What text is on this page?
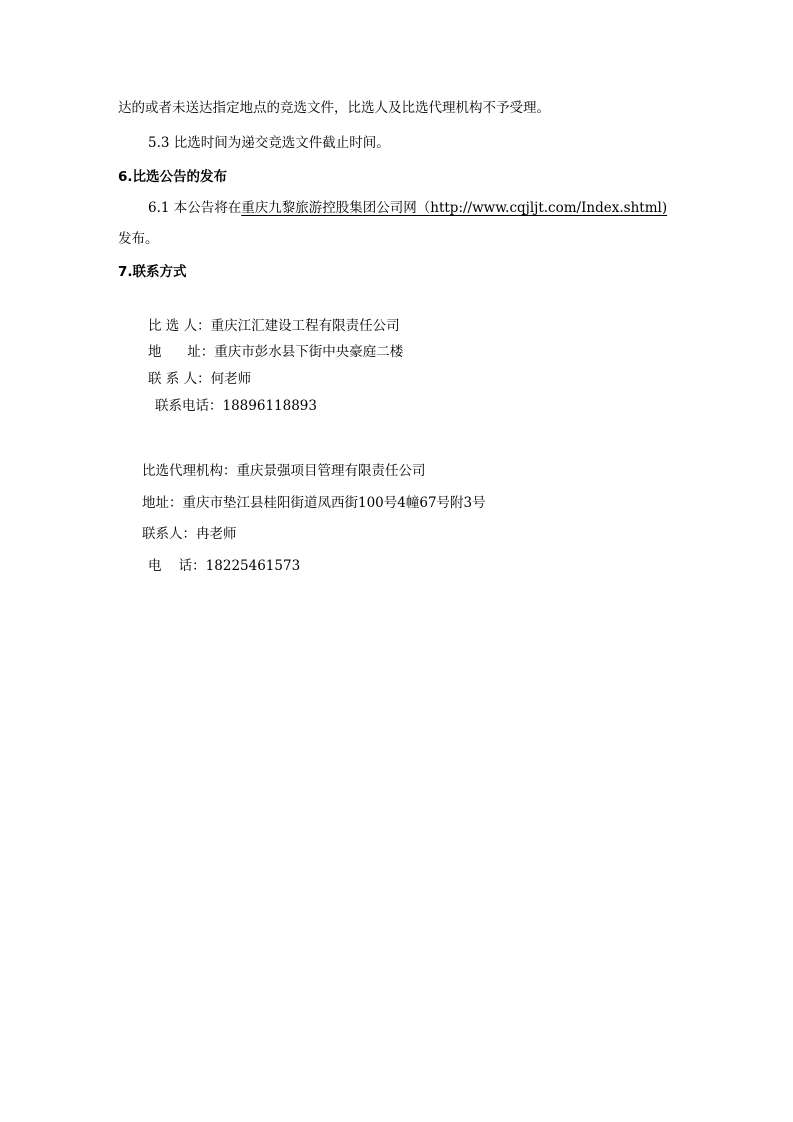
达的或者未送达指定地点的竞选文件，比选人及比选代理机构不予受理。
5.3 比选时间为递交竞选文件截止时间。
6.比选公告的发布
6.1 本公告将在重庆九黎旅游控股集团公司网（http://www.cqjljt.com/Index.shtml)
发布。
7.联系方式
比 选 人：重庆江汇建设工程有限责任公司
地      址：重庆市彭水县下街中央豪庭二楼
联 系 人：何老师
联系电话：18896118893
比选代理机构：重庆景强项目管理有限责任公司
地址：重庆市垫江县桂阳街道凤西街100号4幢67号附3号
联系人：冉老师
电    话：18225461573
